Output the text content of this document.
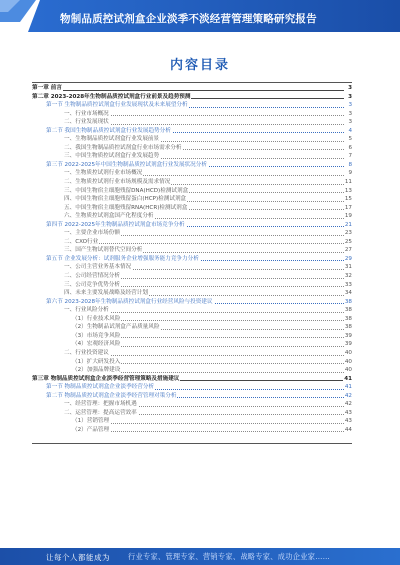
物制品质控试剂盒企业淡季不淡经营管理策略研究报告
内容目录
第一章 前言	3
第二章 2023-2028年生物制品质控试剂盒行业前景及趋势预测	3
第一节 生物制品质控试剂盒行业发展现状及未来展望分析	3
一、行业市场概况	3
二、行业发展现状	3
第二节 我国生物制品质控试剂盒行业发展趋势分析	4
一、生物制品质控试剂盒行业发展前景	5
二、我国生物制品质控试剂盒行业市场需求分析	6
三、中国生物质控试剂盒行业发展趋势	7
第三节 2022-2025年中国生物制品质控试剂盒行业发展状况分析	8
一、生物质控试剂行业市场概况	9
二、生物质控试剂行业市场规模及需求情况	11
三、中国生物宿主细胞残留DNA(HCD)检测试剂盒	13
四、中国生物宿主细胞残留蛋白(HCP)检测试剂盒	15
五、中国生物宿主细胞残留RNA(HCR)检测试剂盒	17
六、生物质控试剂盒国产化程度分析	19
第四节 2022-2025年生物制品质控试剂盒市场竞争分析	21
一、主要企业市场份额	23
二、CXO行业	25
三、国产生物试剂替代空间分析	27
第五节 企业发展分析：试剂服务企业增强服务能力竞争力分析	29
一、公司主营业务基本情况	31
二、公司经营情况分析	32
三、公司竞争优势分析	33
四、未来主要发展战略及经营计划	34
第六节 2023-2028年生物制品质控试剂盒行业经营风险与投资建议	38
一、行业风险分析	38
（1）行业技术风险	38
（2）生物制品试剂盒产品质量风险	38
（3）市场竞争风险	39
（4）宏观经济风险	39
二、行业投资建议	40
（1）扩大研发投入	40
（2）加强品牌建设	40
第三章 物制品质控试剂盒企业淡季经营管理策略及措施建议	41
第一节 物制品质控试剂盒企业淡季经营分析	41
第二节 物制品质控试剂盒企业淡季经营管理对策分析	42
一、经营管理：把握市场机遇	42
二、运营管理：提高运营效率	43
（1）营销管理	43
（2）产品管理	44
让每个人都能成为	行业专家、管理专家、营销专家、战略专家、成功企业家……
